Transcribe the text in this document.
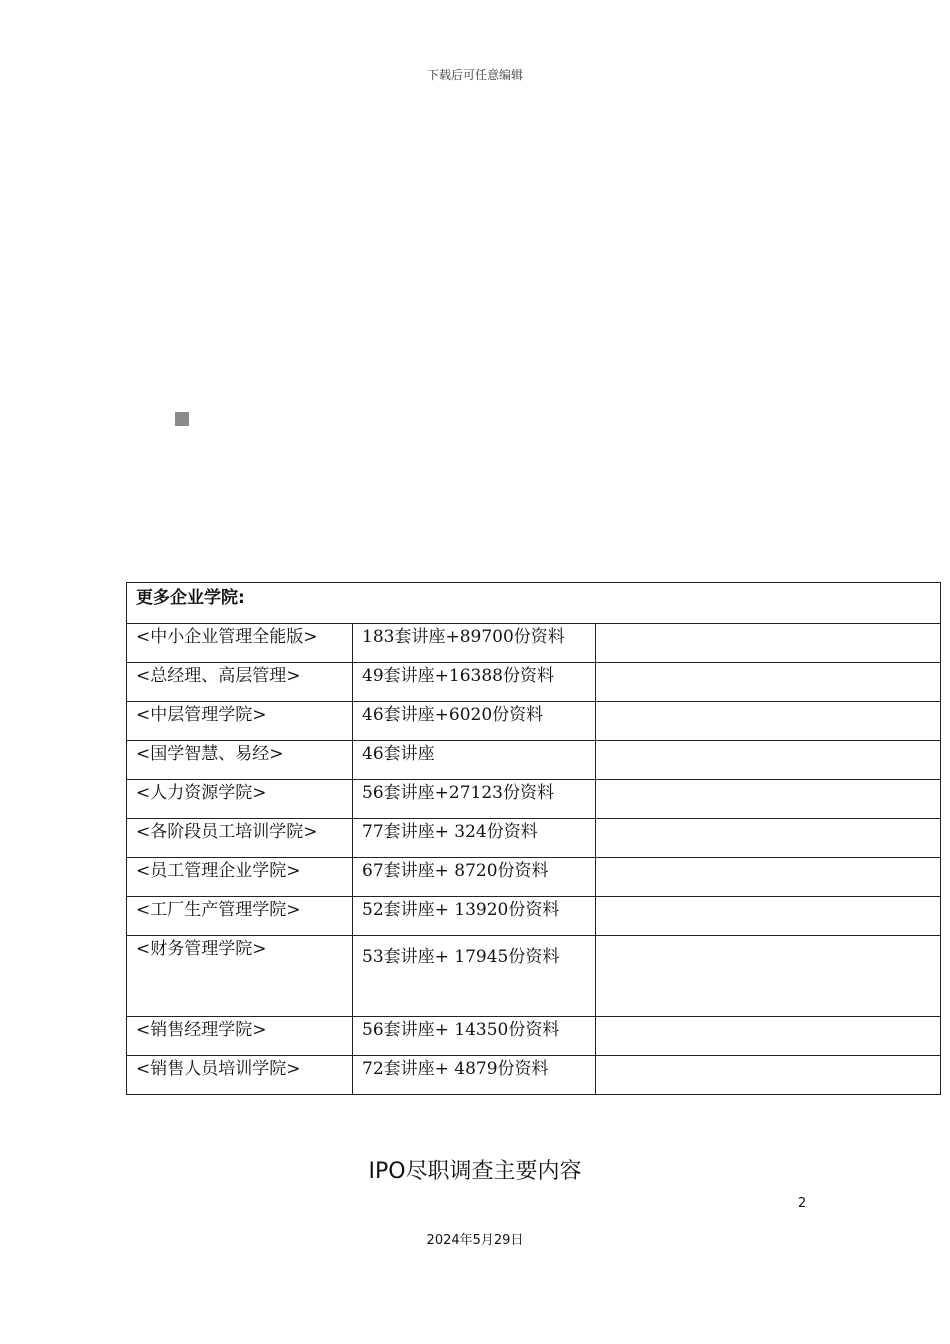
下载后可任意编辑
更多企业学院:		
<中小企业管理全能版>	183套讲座+89700份资料	
<总经理、高层管理>	49套讲座+16388份资料	
<中层管理学院>	46套讲座+6020份资料	
<国学智慧、易经>	46套讲座	
<人力资源学院>	56套讲座+27123份资料	
<各阶段员工培训学院>	77套讲座+ 324份资料	
<员工管理企业学院>	67套讲座+ 8720份资料	
<工厂生产管理学院>	52套讲座+ 13920份资料	
<财务管理学院>	53套讲座+ 17945份资料	
<销售经理学院>	56套讲座+ 14350份资料	
<销售人员培训学院>	72套讲座+ 4879份资料	
IPO尽职调查主要内容
2
2024年5月29日
